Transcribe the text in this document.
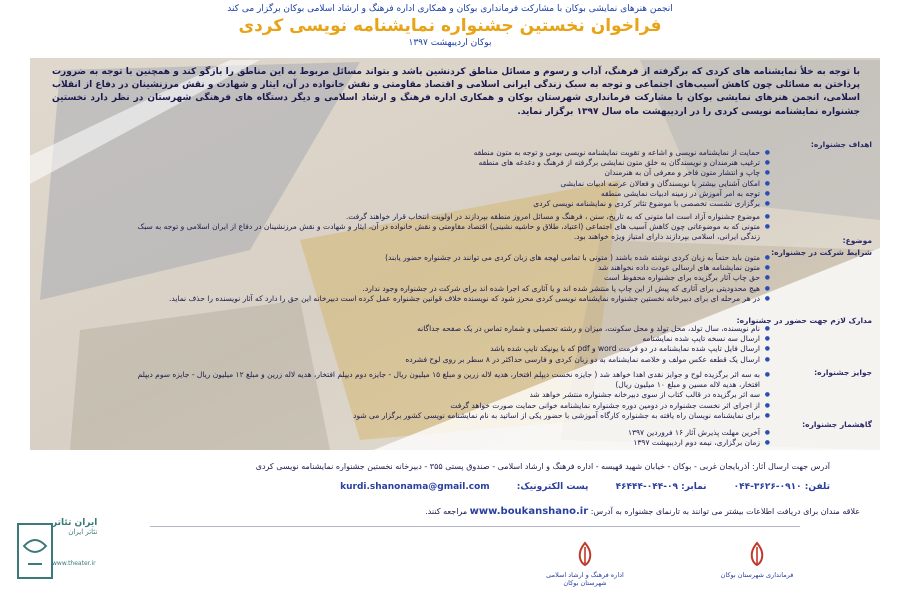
انجمن هنرهای نمایشی بوکان با مشارکت فرمانداری بوکان و همکاری اداره فرهنگ و ارشاد اسلامی بوکان برگزار می کند
فراخوان نخستین جشنواره نمایشنامه نویسی کردی
بوکان اردیبهشت ۱۳۹۷
با توجه به خلأ نمایشنامه های کردی که برگرفته از فرهنگ، آداب و رسوم و مسائل مناطق کردنشین باشد و بتواند مسائل مربوط به این مناطق را بازگو کند و همچنین با توجه به ضرورت پرداختن به مسائلی چون کاهش آسیب‌های اجتماعی و توجه به سبک زندگی ایرانی اسلامی و اقتصاد مقاومتی و نقش خانواده در آن، ایثار و شهادت و نقش مرزنشینان در دفاع از انقلاب اسلامی، انجمن هنرهای نمایشی بوکان با مشارکت فرمانداری شهرستان بوکان و همکاری اداره فرهنگ و ارشاد اسلامی و دیگر دستگاه های فرهنگی شهرستان در نظر دارد نخستین جشنواره نمایشنامه نویسی کردی را در اردیبهشت ماه سال ۱۳۹۷ برگزار نماید.
اهداف جشنواره:
● حمایت از نمایشنامه نویسی و اشاعه و تقویت نمایشنامه نویسی بومی و توجه به متون منطقه
● ترغیب هنرمندان و نویسندگان به خلق متون نمایشی برگرفته از فرهنگ و دغدغه های منطقه
● چاپ و انتشار متون فاخر و معرفی آن به هنرمندان
● امکان آشنایی بیشتر با نویسندگان و فعالان عرصه ادبیات نمایشی
● توجه به امر آموزش در زمینه ادبیات نمایشی منطقه
● برگزاری نشست تخصصی با موضوع تئاتر کردی و نمایشنامه نویسی کردی
موضوع:
● موضوع جشنواره آزاد است اما متونی که به تاریخ، سنن ، فرهنگ و مسائل امروز منطقه بپردازند در اولویت انتخاب قرار خواهند گرفت.
● متونی که به موضوعاتی چون کاهش آسیب های اجتماعی (اعتیاد، طلاق و حاشیه نشینی) اقتصاد مقاومتی و نقش خانواده در آن، ایثار و شهادت و نقش مرزنشینان در دفاع از ایران اسلامی و توجه به سبک زندگی ایرانی، اسلامی بپردازند دارای امتیاز ویژه خواهند بود.
شرایط شرکت در جشنواره:
● متون باید حتماً به زبان کردی نوشته شده باشند ( متونی با تمامی لهجه های زبان کردی می توانند در جشنواره حضور یابند)
● متون نمایشنامه های ارسالی عودت داده نخواهند شد
● حق چاپ آثار برگزیده برای جشنواره محفوظ است
● هیچ محدودیتی برای آثاری که پیش از این چاپ یا منتشر شده اند و یا آثاری که اجرا شده اند برای شرکت در جشنواره وجود ندارد.
● در هر مرحله ای برای دبیرخانه نخستین جشنواره نمایشنامه نویسی کردی محرز شود که نویسنده خلاف قوانین جشنواره عمل کرده است دبیرخانه این حق را دارد که آثار نویسنده را حذف نماید.
مدارک لازم جهت حضور در جشنواره:
● نام نویسنده، سال تولد، محل تولد و محل سکونت، میزان و رشته تحصیلی و شماره تماس در یک صفحه جداگانه
● ارسال سه نسخه تایپ شده نمایشنامه
● ارسال فایل تایپ شده نمایشنامه در دو فرمت word و pdf که با یونیکد تایپ شده باشد
● ارسال یک قطعه عکس مولف و خلاصه نمایشنامه به دو زبان کردی و فارسی حداکثر در ۸ سطر بر روی لوح فشرده
جوایز جشنواره:
● به سه اثر برگزیده لوح و جوایز نقدی اهدا خواهد شد ( جایزه نخست دیپلم افتخار، هدیه لاله زرین و مبلغ ۱۵ میلیون ریال - جایزه دوم دیپلم افتخار، هدیه لاله زرین و مبلغ ۱۲ میلیون ریال - جایزه سوم دیپلم افتخار، هدیه لاله مسین و مبلغ ۱۰ میلیون ریال)
● سه اثر برگزیده در قالب کتاب از سوی دبیرخانه جشنواره منتشر خواهد شد
● از اجرای اثر نخست جشنواره در دومین دوره جشنواره نمایشنامه خوانی حمایت صورت خواهد گرفت
● برای نمایشنامه نویسان راه یافته به جشنواره کارگاه آموزشی با حضور یکی از اساتید به نام نمایشنامه نویسی کشور برگزار می شود
گاهشمار جشنواره:
● آخرین مهلت پذیرش آثار ۱۶ فروردین ۱۳۹۷
● زمان برگزاری، نیمه دوم اردیبهشت ۱۳۹۷
آدرس جهت ارسال آثار: آذربایجان غربی - بوکان - خیابان شهید قهیسه - اداره فرهنگ و ارشاد اسلامی - صندوق پستی ۳۵۵ - دبیرخانه نخستین جشنواره نمایشنامه نویسی کردی
تلفن: ۰۹۱۰-۳۶۲۶-۰۴۴ نمابر: ۰۹-۰۴۴-۴۶۴۴۴ پست الکترونیک: kurdi.shanonama@gmail.com
علاقه مندان برای دریافت اطلاعات بیشتر می توانند به تارنمای جشنواره به آدرس: www.boukanshano.ir مراجعه کنند.
اداره فرهنگ و ارشاد اسلامی شهرستان بوکان
فرمانداری شهرستان بوکان
ایران تئاتر
تئاتر ایران
www.theater.ir
